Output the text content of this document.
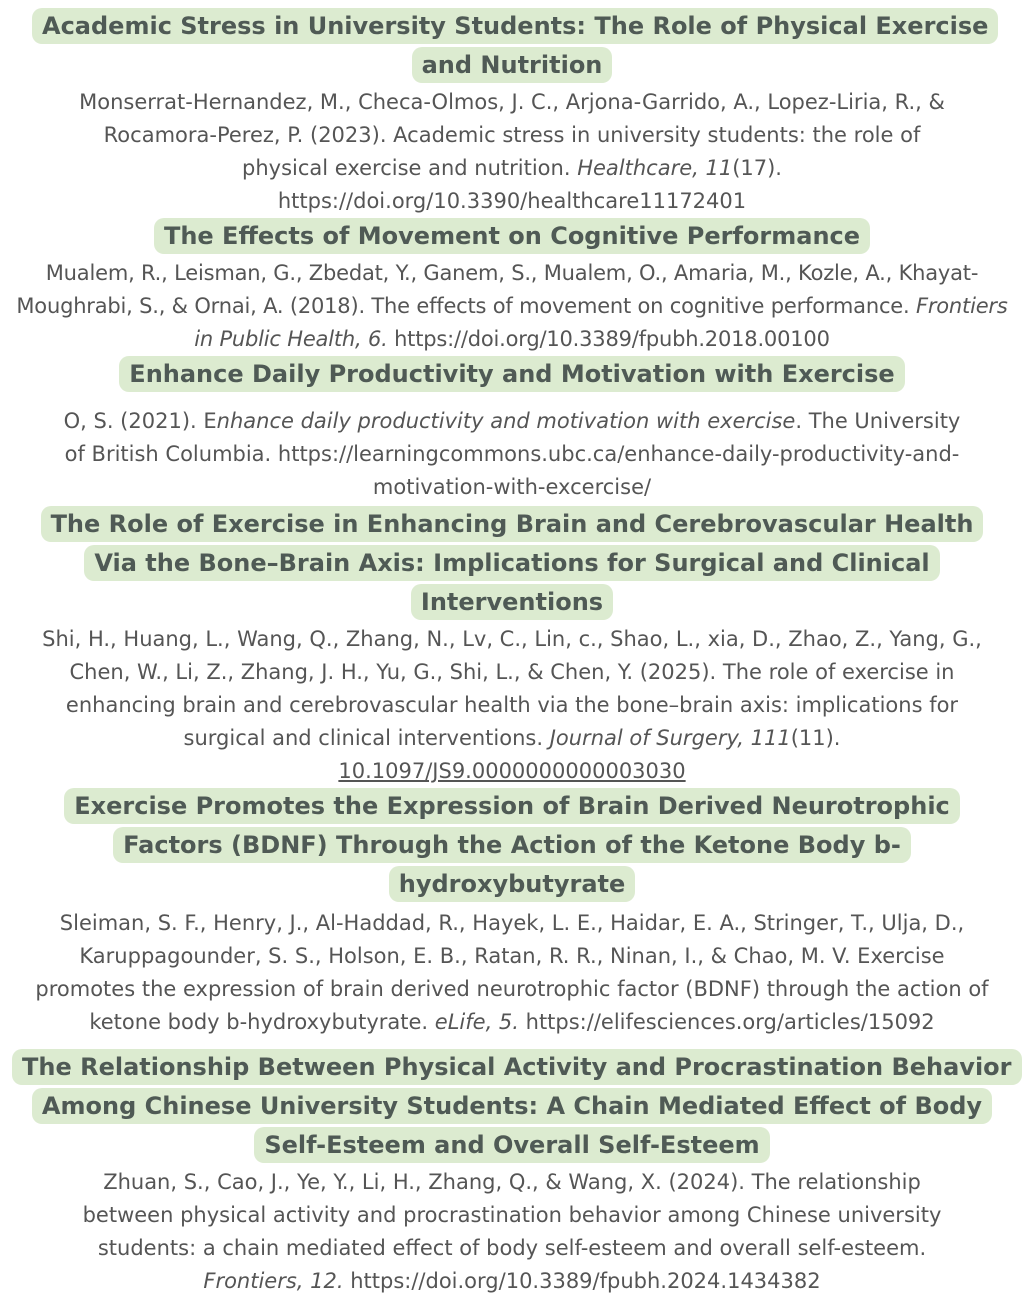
Academic Stress in University Students: The Role of Physical Exercise and Nutrition

Monserrat-Hernandez, M., Checa-Olmos, J. C., Arjona-Garrido, A., Lopez-Liria, R., & Rocamora-Perez, P. (2023). Academic stress in university students: the role of physical exercise and nutrition. Healthcare, 11(17). https://doi.org/10.3390/healthcare11172401

The Effects of Movement on Cognitive Performance

Mualem, R., Leisman, G., Zbedat, Y., Ganem, S., Mualem, O., Amaria, M., Kozle, A., Khayat-Moughrabi, S., & Ornai, A. (2018). The effects of movement on cognitive performance. Frontiers in Public Health, 6. https://doi.org/10.3389/fpubh.2018.00100

Enhance Daily Productivity and Motivation with Exercise

O, S. (2021). Enhance daily productivity and motivation with exercise. The University of British Columbia. https://learningcommons.ubc.ca/enhance-daily-productivity-and-motivation-with-excercise/

The Role of Exercise in Enhancing Brain and Cerebrovascular Health Via the Bone–Brain Axis: Implications for Surgical and Clinical Interventions

Shi, H., Huang, L., Wang, Q., Zhang, N., Lv, C., Lin, c., Shao, L., xia, D., Zhao, Z., Yang, G., Chen, W., Li, Z., Zhang, J. H., Yu, G., Shi, L., & Chen, Y. (2025). The role of exercise in enhancing brain and cerebrovascular health via the bone–brain axis: implications for surgical and clinical interventions. Journal of Surgery, 111(11).
10.1097/JS9.0000000000003030

Exercise Promotes the Expression of Brain Derived Neurotrophic Factors (BDNF) Through the Action of the Ketone Body b-hydroxybutyrate

Sleiman, S. F., Henry, J., Al-Haddad, R., Hayek, L. E., Haidar, E. A., Stringer, T., Ulja, D., Karuppagounder, S. S., Holson, E. B., Ratan, R. R., Ninan, I., & Chao, M. V. Exercise promotes the expression of brain derived neurotrophic factor (BDNF) through the action of ketone body b-hydroxybutyrate. eLife, 5. https://elifesciences.org/articles/15092

The Relationship Between Physical Activity and Procrastination Behavior Among Chinese University Students: A Chain Mediated Effect of Body Self-Esteem and Overall Self-Esteem

Zhuan, S., Cao, J., Ye, Y., Li, H., Zhang, Q., & Wang, X. (2024). The relationship between physical activity and procrastination behavior among Chinese university students: a chain mediated effect of body self-esteem and overall self-esteem. Frontiers, 12. https://doi.org/10.3389/fpubh.2024.1434382
